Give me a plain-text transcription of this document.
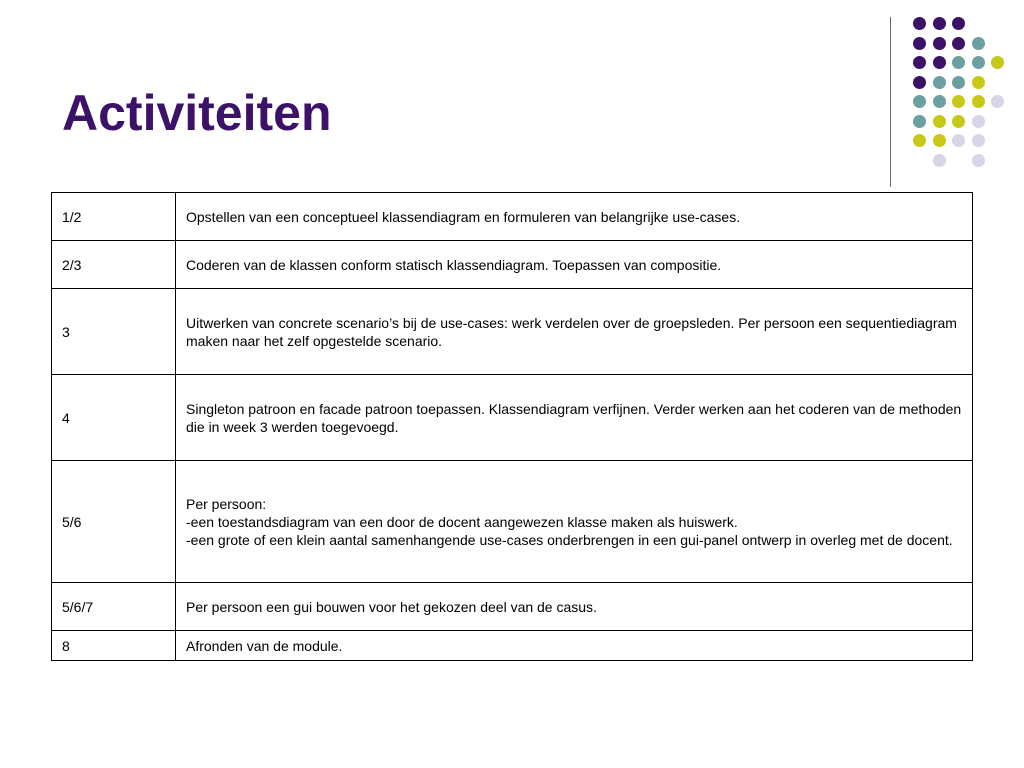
Activiteiten
1/2	Opstellen van een conceptueel klassendiagram en formuleren van belangrijke use-cases.

2/3	Coderen van de klassen conform statisch klassendiagram. Toepassen van compositie.

3	Uitwerken van concrete scenario’s bij de use-cases: werk verdelen over de groepsleden. Per persoon een sequentiediagram maken naar het zelf opgestelde scenario.

4	Singleton patroon en facade patroon toepassen. Klassendiagram verfijnen. Verder werken aan het coderen van de methoden die in week 3 werden toegevoegd.

5/6	Per persoon:
-een toestandsdiagram van een door de docent aangewezen klasse maken als huiswerk.
-een grote of een klein aantal samenhangende use-cases onderbrengen in een gui-panel ontwerp in overleg met de docent.

5/6/7	Per persoon een gui bouwen voor het gekozen deel van de casus.

8	Afronden van de module.
